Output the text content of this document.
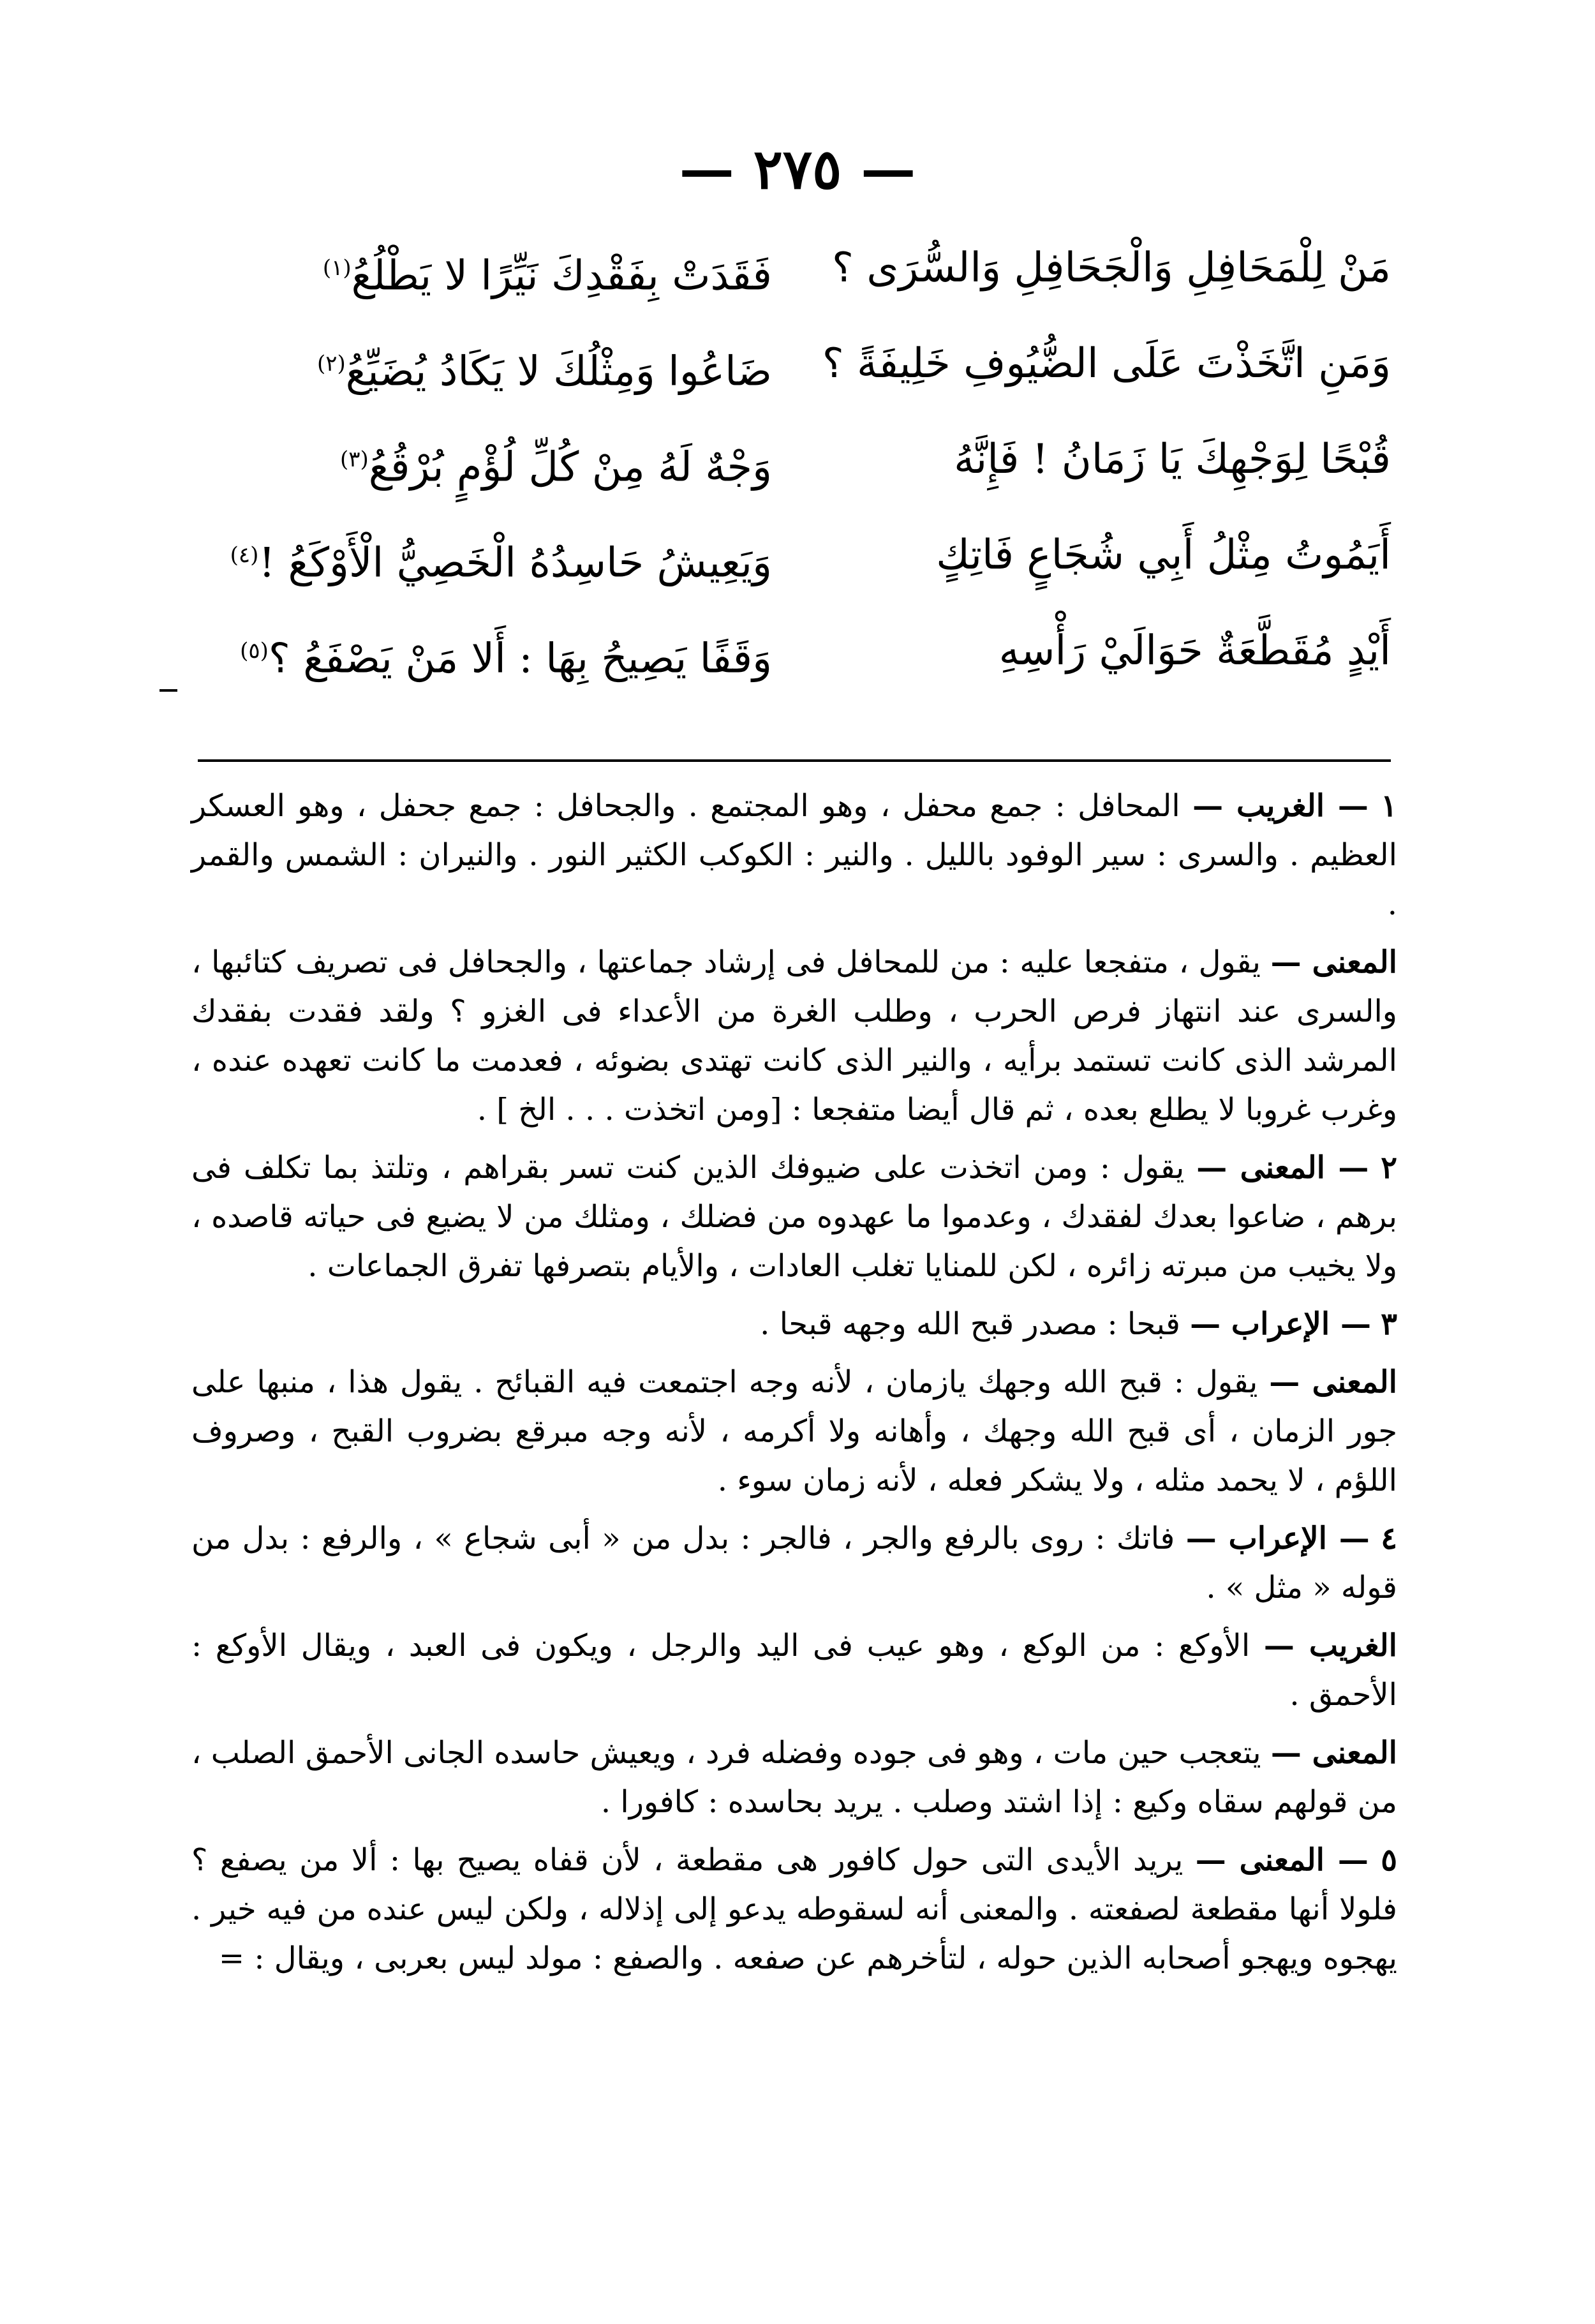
— ٢٧٥ —
مَنْ لِلْمَحَافِلِ وَالْجَحَافِلِ وَالسُّرَى ؟
فَقَدَتْ بِفَقْدِكَ نَيِّرًا لا يَطْلُعُ$^{(١)}$
وَمَنِ اتَّخَذْتَ عَلَى الضُّيُوفِ خَلِيفَةً ؟
ضَاعُوا وَمِثْلُكَ لا يَكَادُ يُضَيِّعُ$^{(٢)}$
قُبْحًا لِوَجْهِكَ يَا زَمَانُ ! فَإِنَّهُ
وَجْهٌ لَهُ مِنْ كُلِّ لُؤْمٍ بُرْقُعُ$^{(٣)}$
أَيَمُوتُ مِثْلُ أَبِي شُجَاعٍ فَاتِكٍ
وَيَعِيشُ حَاسِدُهُ الْخَصِيُّ الْأَوْكَعُ !$^{(٤)}$
أَيْدٍ مُقَطَّعَةٌ حَوَالَيْ رَأْسِهِ
وَقَفًا يَصِيحُ بِهَا : أَلا مَنْ يَصْفَعُ ؟$^{(٥)}$

١ — الغريب — المحافل : جمع محفل ، وهو المجتمع . والجحافل : جمع جحفل ، وهو العسكر العظيم . والسرى : سير الوفود بالليل . والنير : الكوكب الكثير النور . والنيران : الشمس والقمر .

المعنى — يقول ، متفجعا عليه : من للمحافل فى إرشاد جماعتها ، والجحافل فى تصريف كتائبها ، والسرى عند انتهاز فرص الحرب ، وطلب الغرة من الأعداء فى الغزو ؟ ولقد فقدت بفقدك المرشد الذى كانت تستمد برأيه ، والنير الذى كانت تهتدى بضوئه ، فعدمت ما كانت تعهده عنده ، وغرب غروبا لا يطلع بعده ، ثم قال أيضا متفجعا : [ومن اتخذت . . . الخ ] .

٢ — المعنى — يقول : ومن اتخذت على ضيوفك الذين كنت تسر بقراهم ، وتلتذ بما تكلف فى برهم ، ضاعوا بعدك لفقدك ، وعدموا ما عهدوه من فضلك ، ومثلك من لا يضيع فى حياته قاصده ، ولا يخيب من مبرته زائره ، لكن للمنايا تغلب العادات ، والأيام بتصرفها تفرق الجماعات .

٣ — الإعراب — قبحا : مصدر قبح الله وجهه قبحا .

المعنى — يقول : قبح الله وجهك يازمان ، لأنه وجه اجتمعت فيه القبائح . يقول هذا ، منبها على جور الزمان ، أى قبح الله وجهك ، وأهانه ولا أكرمه ، لأنه وجه مبرقع بضروب القبح ، وصروف اللؤم ، لا يحمد مثله ، ولا يشكر فعله ، لأنه زمان سوء .

٤ — الإعراب — فاتك : روى بالرفع والجر ، فالجر : بدل من « أبى شجاع » ، والرفع : بدل من قوله « مثل » .

الغريب — الأوكع : من الوكع ، وهو عيب فى اليد والرجل ، ويكون فى العبد ، ويقال الأوكع : الأحمق .

المعنى — يتعجب حين مات ، وهو فى جوده وفضله فرد ، ويعيش حاسده الجانى الأحمق الصلب ، من قولهم سقاه وكيع : إذا اشتد وصلب . يريد بحاسده : كافورا .

٥ — المعنى — يريد الأيدى التى حول كافور هى مقطعة ، لأن قفاه يصيح بها : ألا من يصفع ؟ فلولا أنها مقطعة لصفعته . والمعنى أنه لسقوطه يدعو إلى إذلاله ، ولكن ليس عنده من فيه خير . يهجوه ويهجو أصحابه الذين حوله ، لتأخرهم عن صفعه . والصفع : مولد ليس بعربى ، ويقال : =
